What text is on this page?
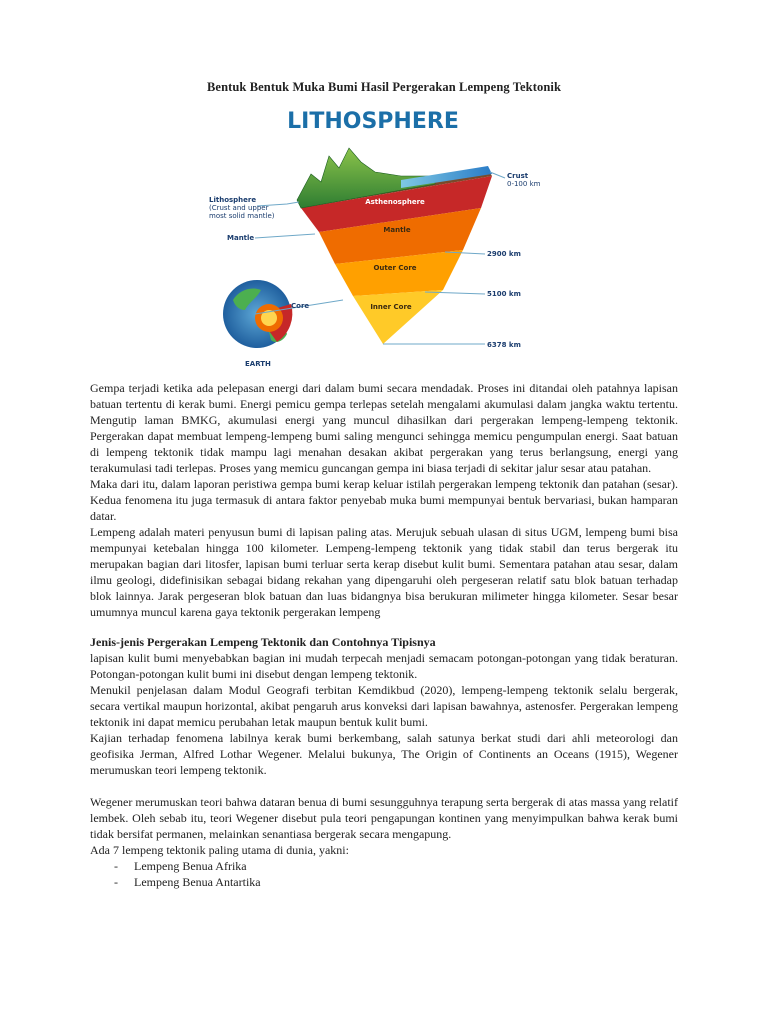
Bentuk Bentuk Muka Bumi Hasil Pergerakan Lempeng Tektonik
LITHOSPHERE
Lithosphere
(Crust and upper
most solid mantle)
Mantle
Core
EARTH
Crust
0-100 km
2900 km
5100 km
6378 km
Asthenosphere
Mantle
Outer Core
Inner Core

Gempa terjadi ketika ada pelepasan energi dari dalam bumi secara mendadak. Proses ini ditandai oleh patahnya lapisan batuan tertentu di kerak bumi. Energi pemicu gempa terlepas setelah mengalami akumulasi dalam jangka waktu tertentu. Mengutip laman BMKG, akumulasi energi yang muncul dihasilkan dari pergerakan lempeng-lempeng tektonik. Pergerakan dapat membuat lempeng-lempeng bumi saling mengunci sehingga memicu pengumpulan energi. Saat batuan di lempeng tektonik tidak mampu lagi menahan desakan akibat pergerakan yang terus berlangsung, energi yang terakumulasi tadi terlepas. Proses yang memicu guncangan gempa ini biasa terjadi di sekitar jalur sesar atau patahan.

Maka dari itu, dalam laporan peristiwa gempa bumi kerap keluar istilah pergerakan lempeng tektonik dan patahan (sesar). Kedua fenomena itu juga termasuk di antara faktor penyebab muka bumi mempunyai bentuk bervariasi, bukan hamparan datar.

Lempeng adalah materi penyusun bumi di lapisan paling atas. Merujuk sebuah ulasan di situs UGM, lempeng bumi bisa mempunyai ketebalan hingga 100 kilometer. Lempeng-lempeng tektonik yang tidak stabil dan terus bergerak itu merupakan bagian dari litosfer, lapisan bumi terluar serta kerap disebut kulit bumi. Sementara patahan atau sesar, dalam ilmu geologi, didefinisikan sebagai bidang rekahan yang dipengaruhi oleh pergeseran relatif satu blok batuan terhadap blok lainnya. Jarak pergeseran blok batuan dan luas bidangnya bisa berukuran milimeter hingga kilometer. Sesar besar umumnya muncul karena gaya tektonik pergerakan lempeng

Jenis-jenis Pergerakan Lempeng Tektonik dan Contohnya Tipisnya

lapisan kulit bumi menyebabkan bagian ini mudah terpecah menjadi semacam potongan-potongan yang tidak beraturan. Potongan-potongan kulit bumi ini disebut dengan lempeng tektonik.

Menukil penjelasan dalam Modul Geografi terbitan Kemdikbud (2020), lempeng-lempeng tektonik selalu bergerak, secara vertikal maupun horizontal, akibat pengaruh arus konveksi dari lapisan bawahnya, astenosfer. Pergerakan lempeng tektonik ini dapat memicu perubahan letak maupun bentuk kulit bumi.

Kajian terhadap fenomena labilnya kerak bumi berkembang, salah satunya berkat studi dari ahli meteorologi dan geofisika Jerman, Alfred Lothar Wegener. Melalui bukunya, The Origin of Continents an Oceans (1915), Wegener merumuskan teori lempeng tektonik.

Wegener merumuskan teori bahwa dataran benua di bumi sesungguhnya terapung serta bergerak di atas massa yang relatif lembek. Oleh sebab itu, teori Wegener disebut pula teori pengapungan kontinen yang menyimpulkan bahwa kerak bumi tidak bersifat permanen, melainkan senantiasa bergerak secara mengapung.

Ada 7 lempeng tektonik paling utama di dunia, yakni:

- Lempeng Benua Afrika
- Lempeng Benua Antartika
